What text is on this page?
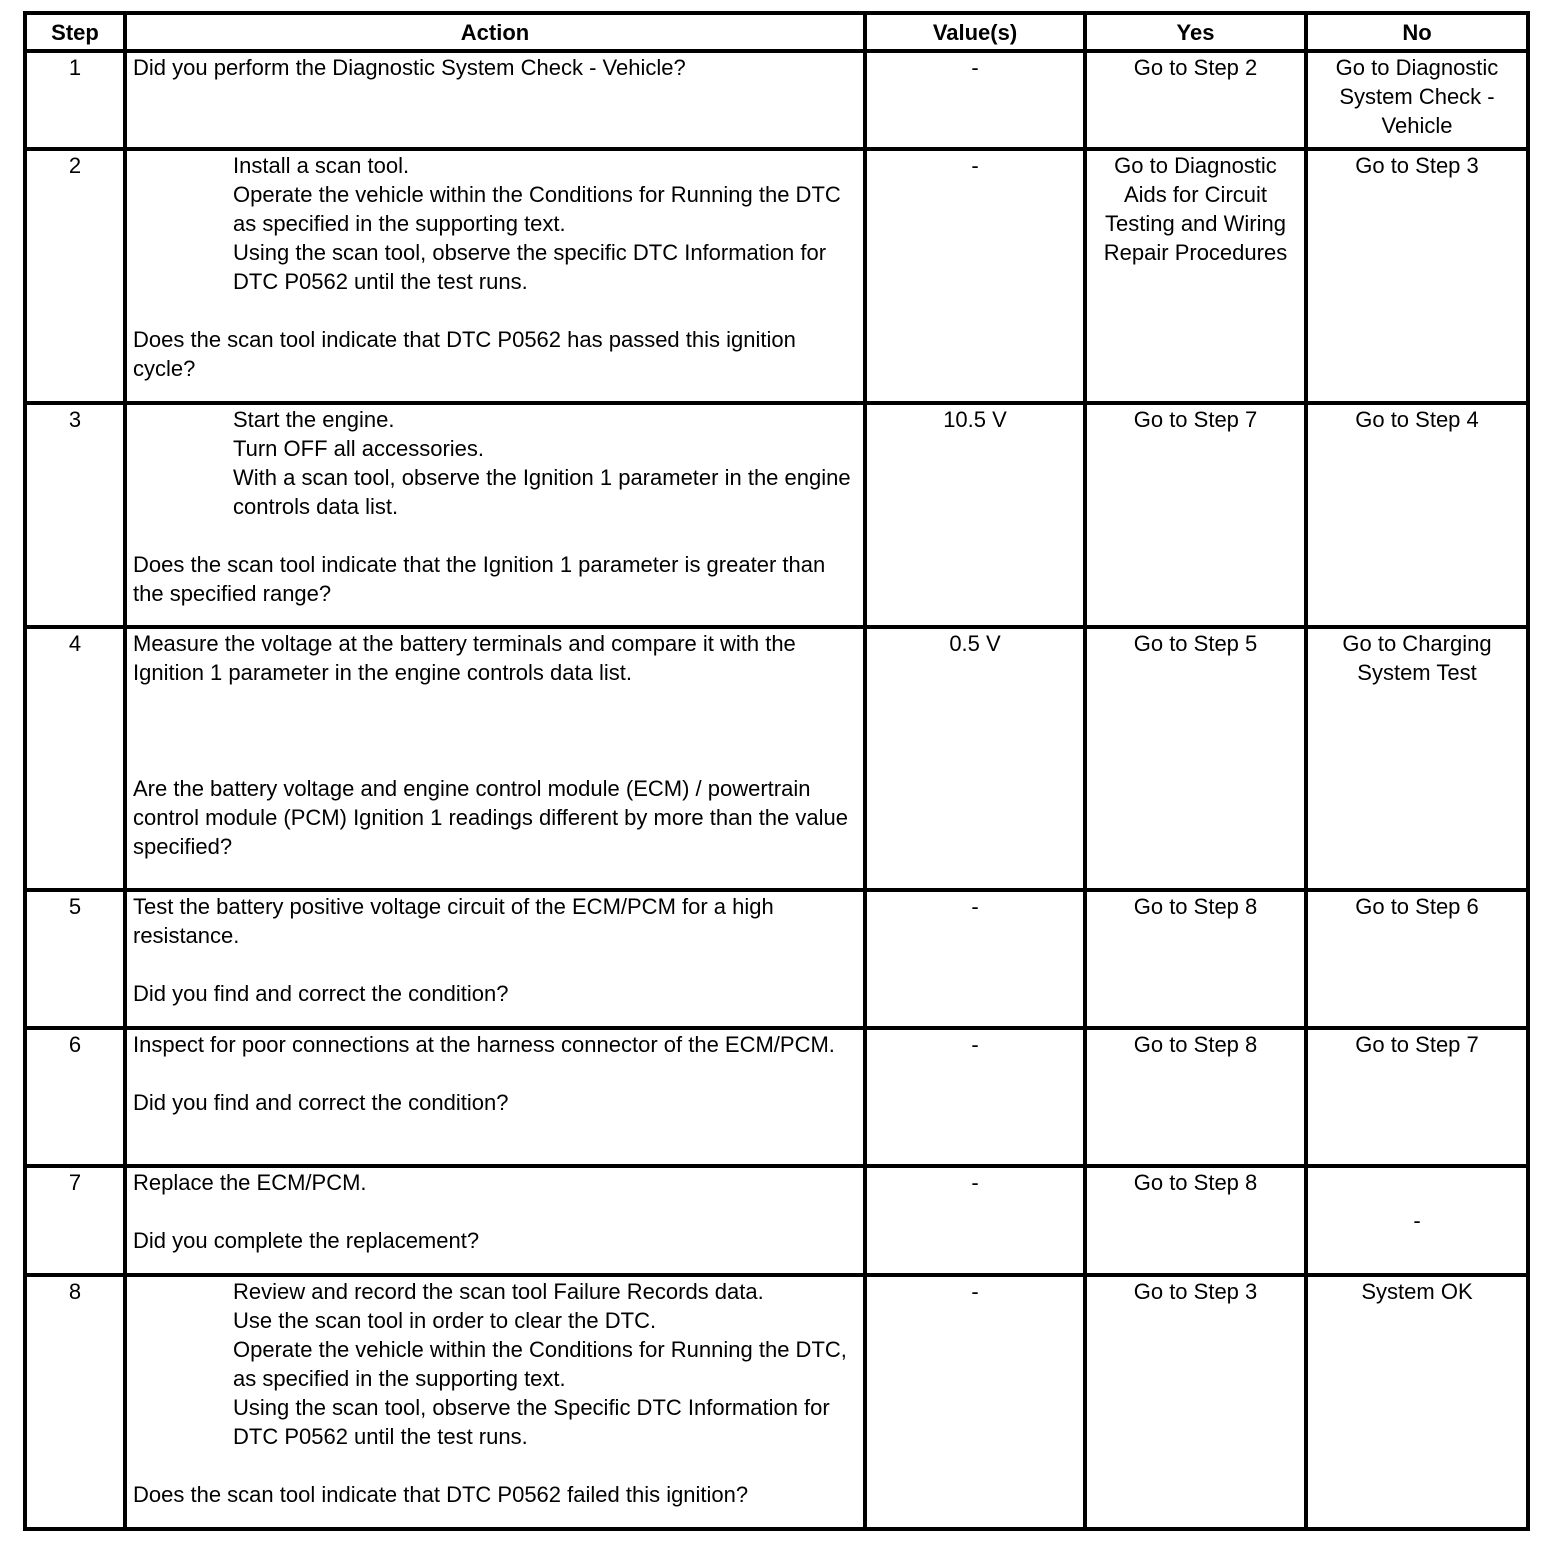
Step	Action	Value(s)	Yes	No
1	Did you perform the Diagnostic System Check - Vehicle?	-	Go to Step 2	Go to Diagnostic System Check - Vehicle
2	Install a scan tool.
Operate the vehicle within the Conditions for Running the DTC as specified in the supporting text.
Using the scan tool, observe the specific DTC Information for DTC P0562 until the test runs.
Does the scan tool indicate that DTC P0562 has passed this ignition cycle?	-	Go to Diagnostic Aids for Circuit Testing and Wiring Repair Procedures	Go to Step 3
3	Start the engine.
Turn OFF all accessories.
With a scan tool, observe the Ignition 1 parameter in the engine controls data list.
Does the scan tool indicate that the Ignition 1 parameter is greater than the specified range?	10.5 V	Go to Step 7	Go to Step 4
4	Measure the voltage at the battery terminals and compare it with the Ignition 1 parameter in the engine controls data list.
Are the battery voltage and engine control module (ECM) / powertrain control module (PCM) Ignition 1 readings different by more than the value specified?	0.5 V	Go to Step 5	Go to Charging System Test
5	Test the battery positive voltage circuit of the ECM/PCM for a high resistance.
Did you find and correct the condition?	-	Go to Step 8	Go to Step 6
6	Inspect for poor connections at the harness connector of the ECM/PCM.
Did you find and correct the condition?	-	Go to Step 8	Go to Step 7
7	Replace the ECM/PCM.
Did you complete the replacement?	-	Go to Step 8	-
8	Review and record the scan tool Failure Records data.
Use the scan tool in order to clear the DTC.
Operate the vehicle within the Conditions for Running the DTC, as specified in the supporting text.
Using the scan tool, observe the Specific DTC Information for DTC P0562 until the test runs.
Does the scan tool indicate that DTC P0562 failed this ignition?	-	Go to Step 3	System OK
